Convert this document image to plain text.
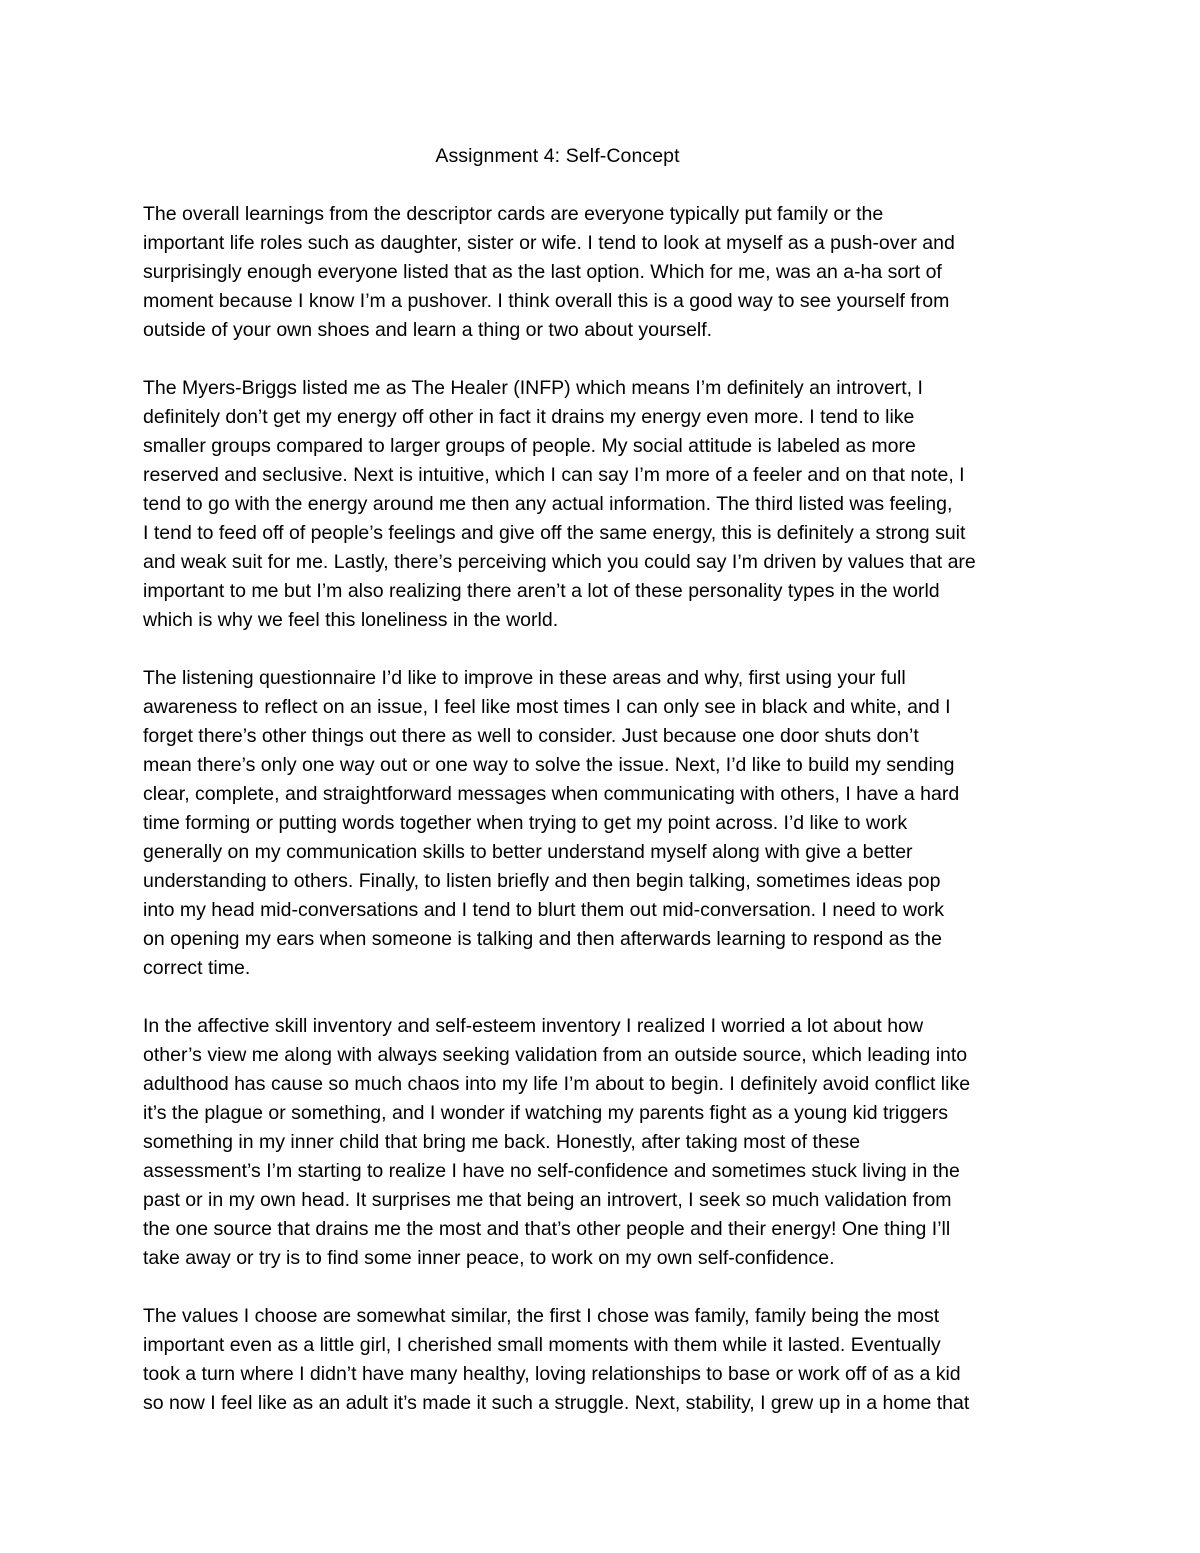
Assignment 4: Self-Concept
The overall learnings from the descriptor cards are everyone typically put family or the
important life roles such as daughter, sister or wife. I tend to look at myself as a push-over and
surprisingly enough everyone listed that as the last option. Which for me, was an a-ha sort of
moment because I know I’m a pushover. I think overall this is a good way to see yourself from
outside of your own shoes and learn a thing or two about yourself.
The Myers-Briggs listed me as The Healer (INFP) which means I’m definitely an introvert, I
definitely don’t get my energy off other in fact it drains my energy even more. I tend to like
smaller groups compared to larger groups of people. My social attitude is labeled as more
reserved and seclusive. Next is intuitive, which I can say I’m more of a feeler and on that note, I
tend to go with the energy around me then any actual information. The third listed was feeling,
I tend to feed off of people’s feelings and give off the same energy, this is definitely a strong suit
and weak suit for me. Lastly, there’s perceiving which you could say I’m driven by values that are
important to me but I’m also realizing there aren’t a lot of these personality types in the world
which is why we feel this loneliness in the world.
The listening questionnaire I’d like to improve in these areas and why, first using your full
awareness to reflect on an issue, I feel like most times I can only see in black and white, and I
forget there’s other things out there as well to consider. Just because one door shuts don’t
mean there’s only one way out or one way to solve the issue. Next, I’d like to build my sending
clear, complete, and straightforward messages when communicating with others, I have a hard
time forming or putting words together when trying to get my point across. I’d like to work
generally on my communication skills to better understand myself along with give a better
understanding to others. Finally, to listen briefly and then begin talking, sometimes ideas pop
into my head mid-conversations and I tend to blurt them out mid-conversation. I need to work
on opening my ears when someone is talking and then afterwards learning to respond as the
correct time.
In the affective skill inventory and self-esteem inventory I realized I worried a lot about how
other’s view me along with always seeking validation from an outside source, which leading into
adulthood has cause so much chaos into my life I’m about to begin. I definitely avoid conflict like
it’s the plague or something, and I wonder if watching my parents fight as a young kid triggers
something in my inner child that bring me back. Honestly, after taking most of these
assessment’s I’m starting to realize I have no self-confidence and sometimes stuck living in the
past or in my own head. It surprises me that being an introvert, I seek so much validation from
the one source that drains me the most and that’s other people and their energy! One thing I’ll
take away or try is to find some inner peace, to work on my own self-confidence.
The values I choose are somewhat similar, the first I chose was family, family being the most
important even as a little girl, I cherished small moments with them while it lasted. Eventually
took a turn where I didn’t have many healthy, loving relationships to base or work off of as a kid
so now I feel like as an adult it’s made it such a struggle. Next, stability, I grew up in a home that
